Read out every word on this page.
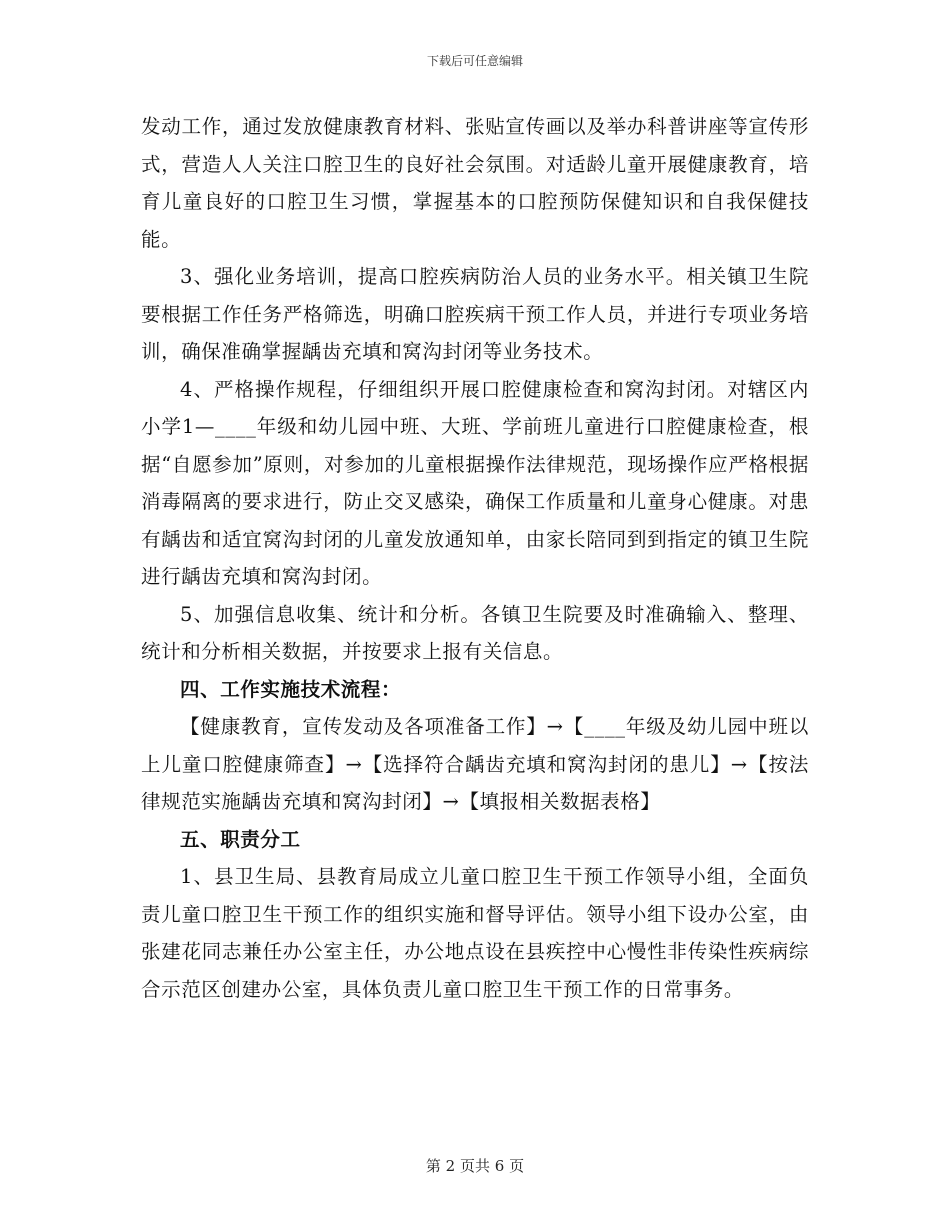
下载后可任意编辑

发动工作，通过发放健康教育材料、张贴宣传画以及举办科普讲座等宣传形式，营造人人关注口腔卫生的良好社会氛围。对适龄儿童开展健康教育，培育儿童良好的口腔卫生习惯，掌握基本的口腔预防保健知识和自我保健技能。

3、强化业务培训，提高口腔疾病防治人员的业务水平。相关镇卫生院要根据工作任务严格筛选，明确口腔疾病干预工作人员，并进行专项业务培训，确保准确掌握龋齿充填和窝沟封闭等业务技术。

4、严格操作规程，仔细组织开展口腔健康检查和窝沟封闭。对辖区内小学1—____年级和幼儿园中班、大班、学前班儿童进行口腔健康检查，根据“自愿参加”原则，对参加的儿童根据操作法律规范，现场操作应严格根据消毒隔离的要求进行，防止交叉感染，确保工作质量和儿童身心健康。对患有龋齿和适宜窝沟封闭的儿童发放通知单，由家长陪同到到指定的镇卫生院进行龋齿充填和窝沟封闭。

5、加强信息收集、统计和分析。各镇卫生院要及时准确输入、整理、统计和分析相关数据，并按要求上报有关信息。

四、工作实施技术流程：

【健康教育，宣传发动及各项准备工作】→【____年级及幼儿园中班以上儿童口腔健康筛查】→【选择符合龋齿充填和窝沟封闭的患儿】→【按法律规范实施龋齿充填和窝沟封闭】→【填报相关数据表格】

五、职责分工

1、县卫生局、县教育局成立儿童口腔卫生干预工作领导小组，全面负责儿童口腔卫生干预工作的组织实施和督导评估。领导小组下设办公室，由张建花同志兼任办公室主任，办公地点设在县疾控中心慢性非传染性疾病综合示范区创建办公室，具体负责儿童口腔卫生干预工作的日常事务。

第 2 页共 6 页
